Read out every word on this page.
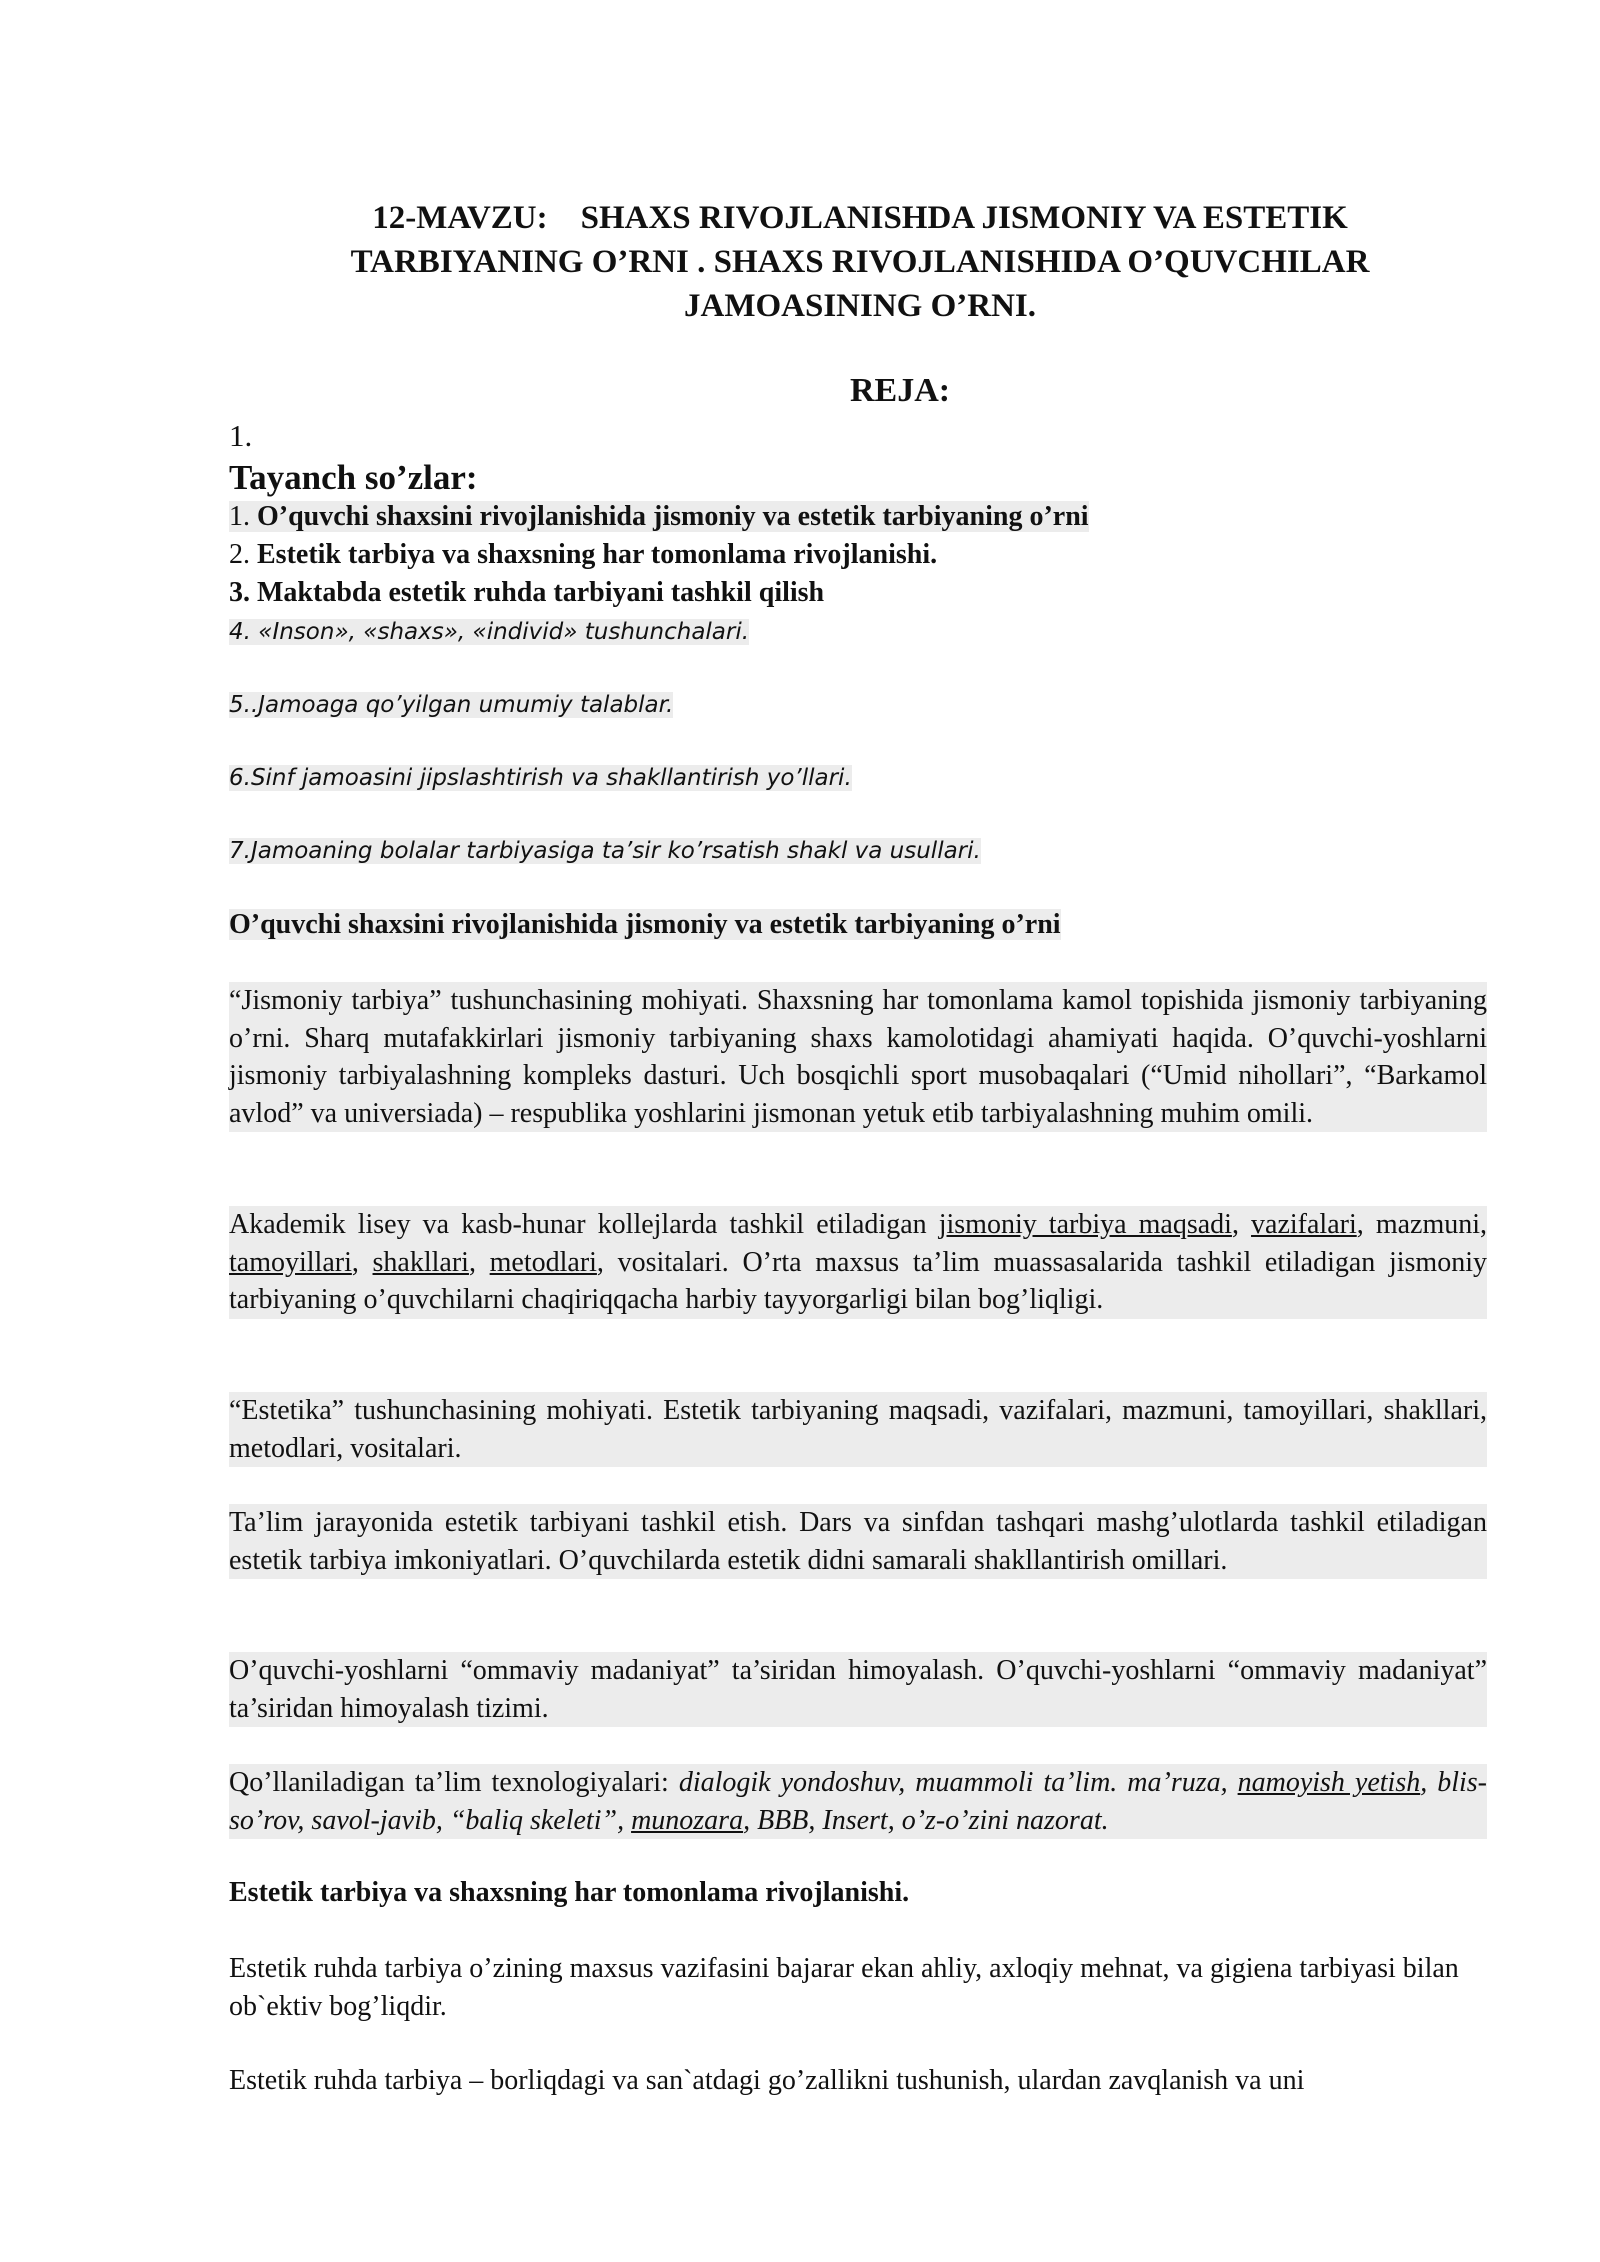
12-MAVZU:    SHAXS RIVOJLANISHDA JISMONIY VA ESTETIK
TARBIYANING O’RNI . SHAXS RIVOJLANISHIDA O’QUVCHILAR
JAMOASINING O’RNI.
REJA:
1.
Tayanch so’zlar:
1. O’quvchi shaxsini rivojlanishida jismoniy va estetik tarbiyaning o’rni
2. Estetik tarbiya va shaxsning har tomonlama rivojlanishi.
3. Maktabda estetik ruhda tarbiyani tashkil qilish
4. «Inson», «shaxs», «individ» tushunchalari.
5..Jamoaga qo’yilgan umumiy talablar.
6.Sinf jamoasini jipslashtirish va shakllantirish yo’llari.
7.Jamoaning bolalar tarbiyasiga ta’sir ko’rsatish shakl va usullari.
O’quvchi shaxsini rivojlanishida jismoniy va estetik tarbiyaning o’rni
“Jismoniy tarbiya” tushunchasining mohiyati. Shaxsning har tomonlama kamol topishida jismoniy tarbiyaning o’rni. Sharq mutafakkirlari jismoniy tarbiyaning shaxs kamolotidagi ahamiyati haqida. O’quvchi-yoshlarni jismoniy tarbiyalashning kompleks dasturi. Uch bosqichli sport musobaqalari (“Umid nihollari”, “Barkamol avlod” va universiada) – respublika yoshlarini jismonan yetuk etib tarbiyalashning muhim omili.
Akademik lisey va kasb-hunar kollejlarda tashkil etiladigan jismoniy tarbiya maqsadi, vazifalari, mazmuni, tamoyillari, shakllari, metodlari, vositalari. O’rta maxsus ta’lim muassasalarida tashkil etiladigan jismoniy tarbiyaning o’quvchilarni chaqiriqqacha harbiy tayyorgarligi bilan bog’liqligi.
“Estetika” tushunchasining mohiyati. Estetik tarbiyaning maqsadi, vazifalari, mazmuni, tamoyillari, shakllari, metodlari, vositalari.
Ta’lim jarayonida estetik tarbiyani tashkil etish. Dars va sinfdan tashqari mashg’ulotlarda tashkil etiladigan estetik tarbiya imkoniyatlari. O’quvchilarda estetik didni samarali shakllantirish omillari.
O’quvchi-yoshlarni “ommaviy madaniyat” ta’siridan himoyalash. O’quvchi-yoshlarni “ommaviy madaniyat” ta’siridan himoyalash tizimi.
Qo’llaniladigan ta’lim texnologiyalari: dialogik yondoshuv, muammoli ta’lim. ma’ruza, namoyish yetish, blis-so’rov, savol-javib, “baliq skeleti”, munozara, BBB, Insert, o’z-o’zini nazorat.
Estetik tarbiya va shaxsning har tomonlama rivojlanishi.
Estetik ruhda tarbiya o’zining maxsus vazifasini bajarar ekan ahliy, axloqiy mehnat, va gigiena tarbiyasi bilan ob`ektiv bog’liqdir.
Estetik ruhda tarbiya – borliqdagi va san`atdagi go’zallikni tushunish, ulardan zavqlanish va uni
